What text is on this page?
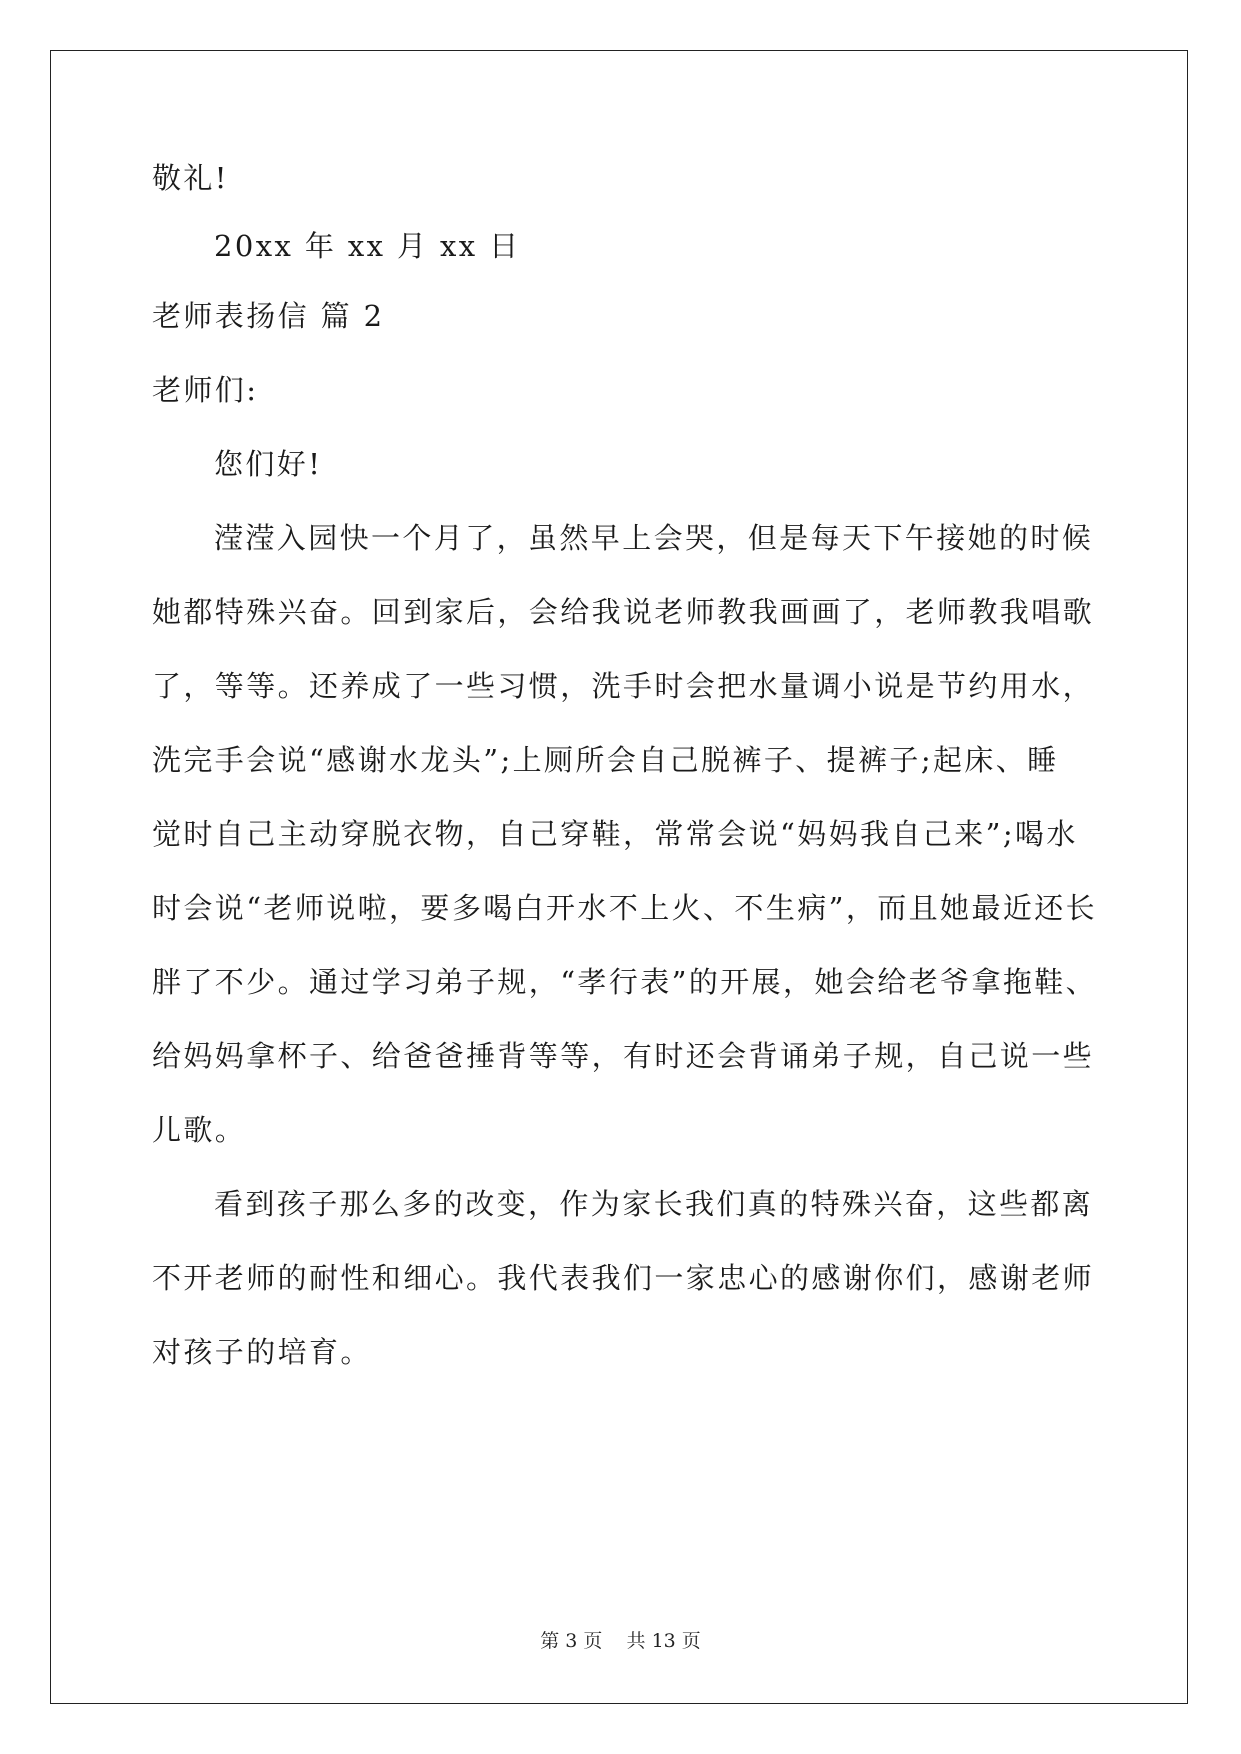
敬礼!
20xx 年 xx 月 xx 日
老师表扬信 篇 2
老师们:
您们好!
滢滢入园快一个月了，虽然早上会哭，但是每天下午接她的时候
她都特殊兴奋。回到家后，会给我说老师教我画画了，老师教我唱歌
了，等等。还养成了一些习惯，洗手时会把水量调小说是节约用水，
洗完手会说“感谢水龙头”;上厕所会自己脱裤子、提裤子;起床、睡
觉时自己主动穿脱衣物，自己穿鞋，常常会说“妈妈我自己来”;喝水
时会说“老师说啦，要多喝白开水不上火、不生病”，而且她最近还长
胖了不少。通过学习弟子规，“孝行表”的开展，她会给老爷拿拖鞋、
给妈妈拿杯子、给爸爸捶背等等，有时还会背诵弟子规，自己说一些
儿歌。
看到孩子那么多的改变，作为家长我们真的特殊兴奋，这些都离
不开老师的耐性和细心。我代表我们一家忠心的感谢你们，感谢老师
对孩子的培育。
第 3 页    共 13 页
